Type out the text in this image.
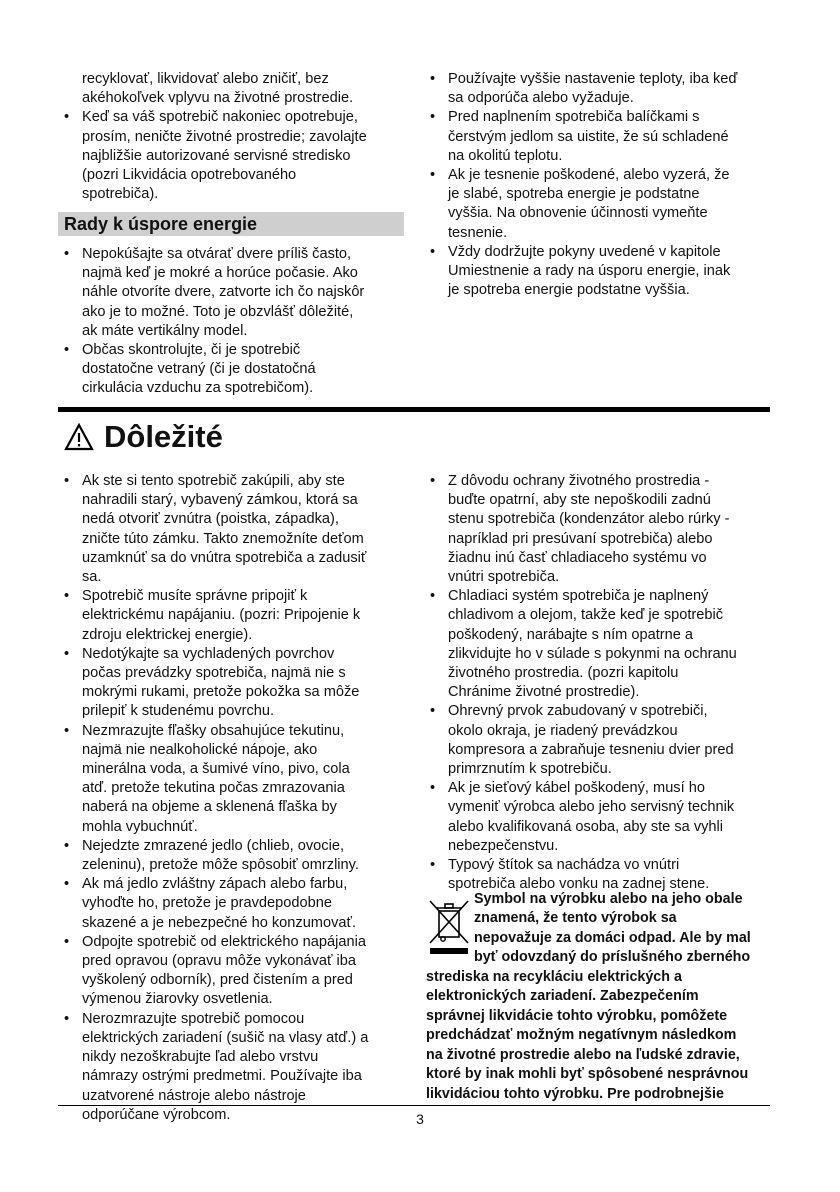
recyklovať, likvidovať alebo zničiť, bez
akéhokoľvek vplyvu na životné prostredie.
• Keď sa váš spotrebič nakoniec opotrebuje,
prosím, neničte životné prostredie; zavolajte
najbližšie autorizované servisné stredisko
(pozri Likvidácia opotrebovaného
spotrebiča).
Rady k úspore energie
• Nepokúšajte sa otvárať dvere príliš často,
najmä keď je mokré a horúce počasie. Ako
náhle otvoríte dvere, zatvorte ich čo najskôr
ako je to možné. Toto je obzvlášť dôležité,
ak máte vertikálny model.
• Občas skontrolujte, či je spotrebič
dostatočne vetraný (či je dostatočná
cirkulácia vzduchu za spotrebičom).
• Používajte vyššie nastavenie teploty, iba keď
sa odporúča alebo vyžaduje.
• Pred naplnením spotrebiča balíčkami s
čerstvým jedlom sa uistite, že sú schladené
na okolitú teplotu.
• Ak je tesnenie poškodené, alebo vyzerá, že
je slabé, spotreba energie je podstatne
vyššia. Na obnovenie účinnosti vymeňte
tesnenie.
• Vždy dodržujte pokyny uvedené v kapitole
Umiestnenie a rady na úsporu energie, inak
je spotreba energie podstatne vyššia.
Dôležité
• Ak ste si tento spotrebič zakúpili, aby ste
nahradili starý, vybavený zámkou, ktorá sa
nedá otvoriť zvnútra (poistka, západka),
zničte túto zámku. Takto znemožníte deťom
uzamknúť sa do vnútra spotrebiča a zadusiť
sa.
• Spotrebič musíte správne pripojiť k
elektrickému napájaniu. (pozri: Pripojenie k
zdroju elektrickej energie).
• Nedotýkajte sa vychladených povrchov
počas prevádzky spotrebiča, najmä nie s
mokrými rukami, pretože pokožka sa môže
prilepiť k studenému povrchu.
• Nezmrazujte fľašky obsahujúce tekutinu,
najmä nie nealkoholické nápoje, ako
minerálna voda, a šumivé víno, pivo, cola
atď. pretože tekutina počas zmrazovania
naberá na objeme a sklenená fľaška by
mohla vybuchnúť.
• Nejedzte zmrazené jedlo (chlieb, ovocie,
zeleninu), pretože môže spôsobiť omrzliny.
• Ak má jedlo zvláštny zápach alebo farbu,
vyhoďte ho, pretože je pravdepodobne
skazené a je nebezpečné ho konzumovať.
• Odpojte spotrebič od elektrického napájania
pred opravou (opravu môže vykonávať iba
vyškolený odborník), pred čistením a pred
výmenou žiarovky osvetlenia.
• Nerozmrazujte spotrebič pomocou
elektrických zariadení (sušič na vlasy atď.) a
nikdy nezoškrabujte ľad alebo vrstvu
námrazy ostrými predmetmi. Používajte iba
uzatvorené nástroje alebo nástroje
odporúčane výrobcom.
• Z dôvodu ochrany životného prostredia -
buďte opatrní, aby ste nepoškodili zadnú
stenu spotrebiča (kondenzátor alebo rúrky -
napríklad pri presúvaní spotrebiča) alebo
žiadnu inú časť chladiaceho systému vo
vnútri spotrebiča.
• Chladiaci systém spotrebiča je naplnený
chladivom a olejom, takže keď je spotrebič
poškodený, narábajte s ním opatrne a
zlikvidujte ho v súlade s pokynmi na ochranu
životného prostredia. (pozri kapitolu
Chránime životné prostredie).
• Ohrevný prvok zabudovaný v spotrebiči,
okolo okraja, je riadený prevádzkou
kompresora a zabraňuje tesneniu dvier pred
primrznutím k spotrebiču.
• Ak je sieťový kábel poškodený, musí ho
vymeniť výrobca alebo jeho servisný technik
alebo kvalifikovaná osoba, aby ste sa vyhli
nebezpečenstvu.
• Typový štítok sa nachádza vo vnútri
spotrebiča alebo vonku na zadnej stene.

Symbol na výrobku alebo na jeho obale
znamená, že tento výrobok sa
nepovažuje za domáci odpad. Ale by mal
byť odovzdaný do príslušného zberného
strediska na recykláciu elektrických a
elektronických zariadení. Zabezpečením
správnej likvidácie tohto výrobku, pomôžete
predchádzať možným negatívnym následkom
na životné prostredie alebo na ľudské zdravie,
ktoré by inak mohli byť spôsobené nesprávnou
likvidáciou tohto výrobku. Pre podrobnejšie

3
